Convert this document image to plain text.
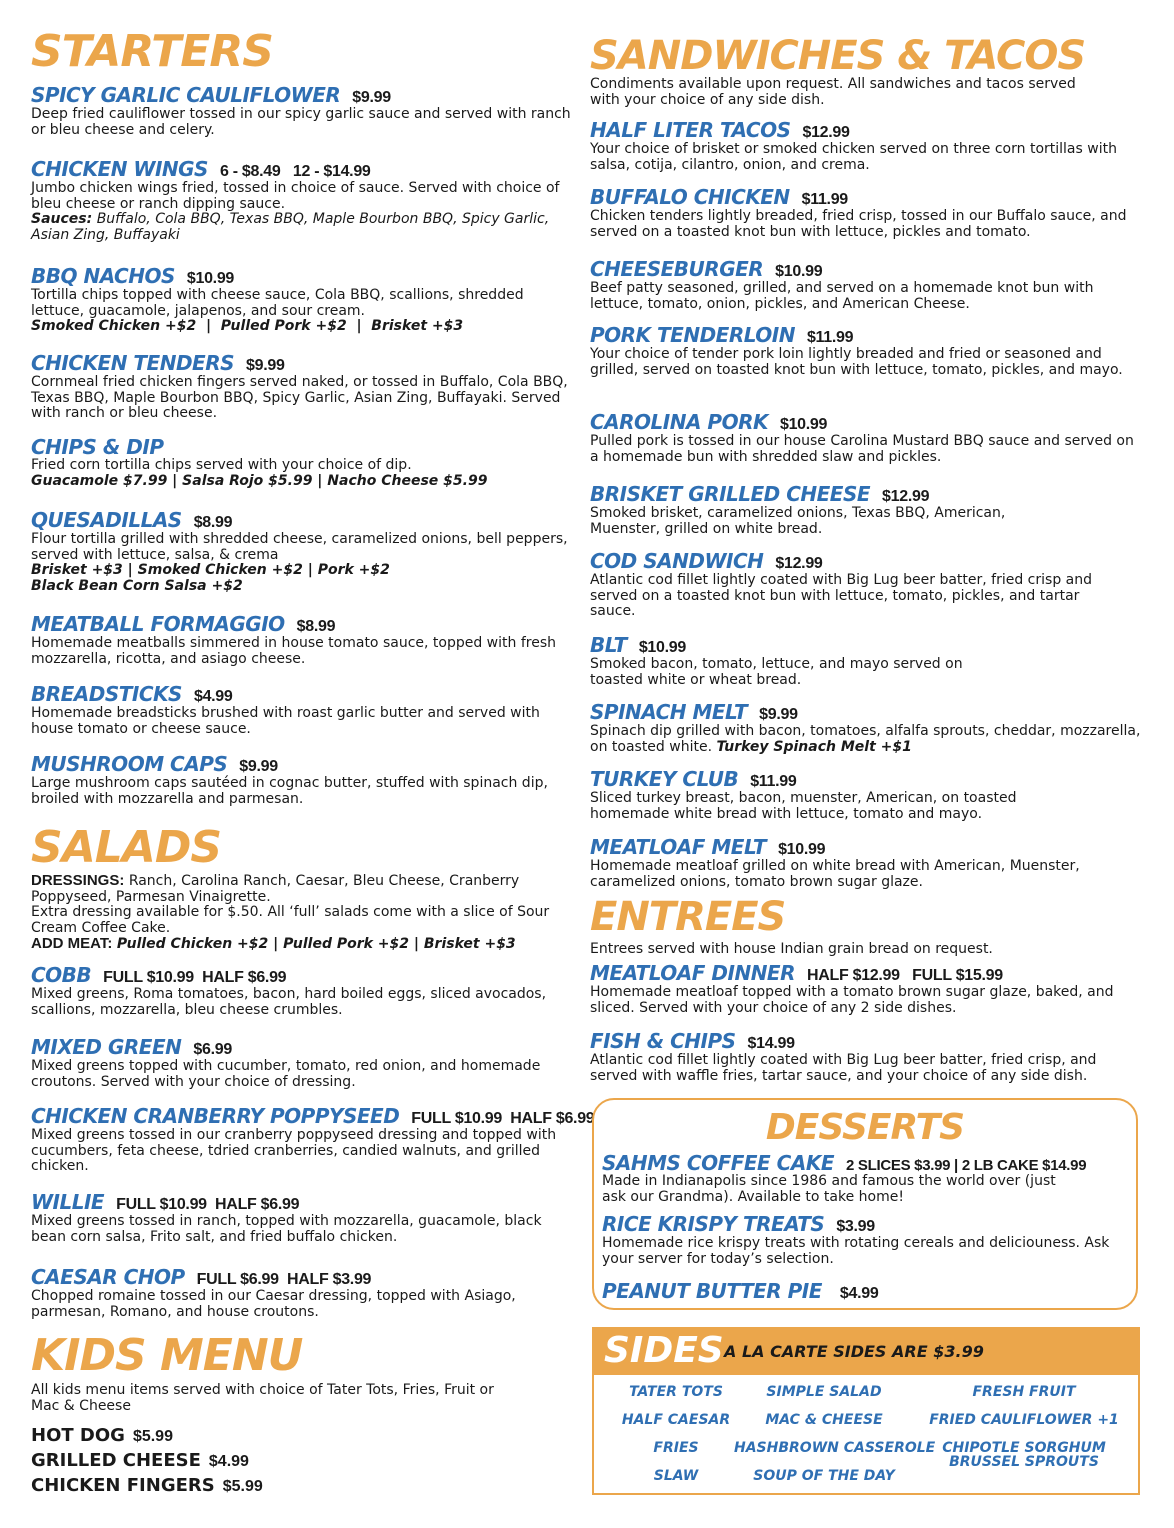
STARTERS
SPICY GARLIC CAULIFLOWER $9.99
Deep fried cauliflower tossed in our spicy garlic sauce and served with ranch or bleu cheese and celery.
CHICKEN WINGS 6 - $8.49   12 - $14.99
Jumbo chicken wings fried, tossed in choice of sauce. Served with choice of bleu cheese or ranch dipping sauce.
Sauces: Buffalo, Cola BBQ, Texas BBQ, Maple Bourbon BBQ, Spicy Garlic, Asian Zing, Buffayaki
BBQ NACHOS $10.99
Tortilla chips topped with cheese sauce, Cola BBQ, scallions, shredded lettuce, guacamole, jalapenos, and sour cream.
Smoked Chicken +$2  |  Pulled Pork +$2  |  Brisket +$3
CHICKEN TENDERS $9.99
Cornmeal fried chicken fingers served naked, or tossed in Buffalo, Cola BBQ, Texas BBQ, Maple Bourbon BBQ, Spicy Garlic, Asian Zing, Buffayaki. Served with ranch or bleu cheese.
CHIPS & DIP
Fried corn tortilla chips served with your choice of dip.
Guacamole $7.99 | Salsa Rojo $5.99 | Nacho Cheese $5.99
QUESADILLAS $8.99
Flour tortilla grilled with shredded cheese, caramelized onions, bell peppers, served with lettuce, salsa, & crema
Brisket +$3 | Smoked Chicken +$2 | Pork +$2
Black Bean Corn Salsa +$2
MEATBALL FORMAGGIO $8.99
Homemade meatballs simmered in house tomato sauce, topped with fresh mozzarella, ricotta, and asiago cheese.
BREADSTICKS $4.99
Homemade breadsticks brushed with roast garlic butter and served with house tomato or cheese sauce.
MUSHROOM CAPS $9.99
Large mushroom caps sautéed in cognac butter, stuffed with spinach dip, broiled with mozzarella and parmesan.
SALADS
DRESSINGS: Ranch, Carolina Ranch, Caesar, Bleu Cheese, Cranberry Poppyseed, Parmesan Vinaigrette.
Extra dressing available for $.50. All ‘full’ salads come with a slice of Sour Cream Coffee Cake.
ADD MEAT: Pulled Chicken +$2 | Pulled Pork +$2 | Brisket +$3
COBB FULL $10.99  HALF $6.99
Mixed greens, Roma tomatoes, bacon, hard boiled eggs, sliced avocados, scallions, mozzarella, bleu cheese crumbles.
MIXED GREEN $6.99
Mixed greens topped with cucumber, tomato, red onion, and homemade croutons. Served with your choice of dressing.
CHICKEN CRANBERRY POPPYSEED FULL $10.99  HALF $6.99
Mixed greens tossed in our cranberry poppyseed dressing and topped with cucumbers, feta cheese, tdried cranberries, candied walnuts, and grilled chicken.
WILLIE FULL $10.99  HALF $6.99
Mixed greens tossed in ranch, topped with mozzarella, guacamole, black bean corn salsa, Frito salt, and fried buffalo chicken.
CAESAR CHOP FULL $6.99  HALF $3.99
Chopped romaine tossed in our Caesar dressing, topped with Asiago, parmesan, Romano, and house croutons.
KIDS MENU
All kids menu items served with choice of Tater Tots, Fries, Fruit or Mac & Cheese
HOT DOG $5.99
GRILLED CHEESE $4.99
CHICKEN FINGERS $5.99
SANDWICHES & TACOS
Condiments available upon request. All sandwiches and tacos served with your choice of any side dish.
HALF LITER TACOS $12.99
Your choice of brisket or smoked chicken served on three corn tortillas with salsa, cotija, cilantro, onion, and crema.
BUFFALO CHICKEN $11.99
Chicken tenders lightly breaded, fried crisp, tossed in our Buffalo sauce, and served on a toasted knot bun with lettuce, pickles and tomato.
CHEESEBURGER $10.99
Beef patty seasoned, grilled, and served on a homemade knot bun with lettuce, tomato, onion, pickles, and American Cheese.
PORK TENDERLOIN $11.99
Your choice of tender pork loin lightly breaded and fried or seasoned and grilled, served on toasted knot bun with lettuce, tomato, pickles, and mayo.
CAROLINA PORK $10.99
Pulled pork is tossed in our house Carolina Mustard BBQ sauce and served on a homemade bun with shredded slaw and pickles.
BRISKET GRILLED CHEESE $12.99
Smoked brisket, caramelized onions, Texas BBQ, American, Muenster, grilled on white bread.
COD SANDWICH $12.99
Atlantic cod fillet lightly coated with Big Lug beer batter, fried crisp and served on a toasted knot bun with lettuce, tomato, pickles, and tartar sauce.
BLT $10.99
Smoked bacon, tomato, lettuce, and mayo served on toasted white or wheat bread.
SPINACH MELT $9.99
Spinach dip grilled with bacon, tomatoes, alfalfa sprouts, cheddar, mozzarella, on toasted white. Turkey Spinach Melt +$1
TURKEY CLUB $11.99
Sliced turkey breast, bacon, muenster, American, on toasted homemade white bread with lettuce, tomato and mayo.
MEATLOAF MELT $10.99
Homemade meatloaf grilled on white bread with American, Muenster, caramelized onions, tomato brown sugar glaze.
ENTREES
Entrees served with house Indian grain bread on request.
MEATLOAF DINNER HALF $12.99   FULL $15.99
Homemade meatloaf topped with a tomato brown sugar glaze, baked, and sliced. Served with your choice of any 2 side dishes.
FISH & CHIPS $14.99
Atlantic cod fillet lightly coated with Big Lug beer batter, fried crisp, and served with waffle fries, tartar sauce, and your choice of any side dish.
DESSERTS
SAHMS COFFEE CAKE 2 SLICES $3.99 | 2 LB CAKE $14.99
Made in Indianapolis since 1986 and famous the world over (just ask our Grandma). Available to take home!
RICE KRISPY TREATS $3.99
Homemade rice krispy treats with rotating cereals and deliciouness. Ask your server for today’s selection.
PEANUT BUTTER PIE $4.99
SIDES A LA CARTE SIDES ARE $3.99
TATER TOTS
HALF CAESAR
FRIES
SLAW
SIMPLE SALAD
MAC & CHEESE
HASHBROWN CASSEROLE
SOUP OF THE DAY
FRESH FRUIT
FRIED CAULIFLOWER +1
CHIPOTLE SORGHUM
BRUSSEL SPROUTS
